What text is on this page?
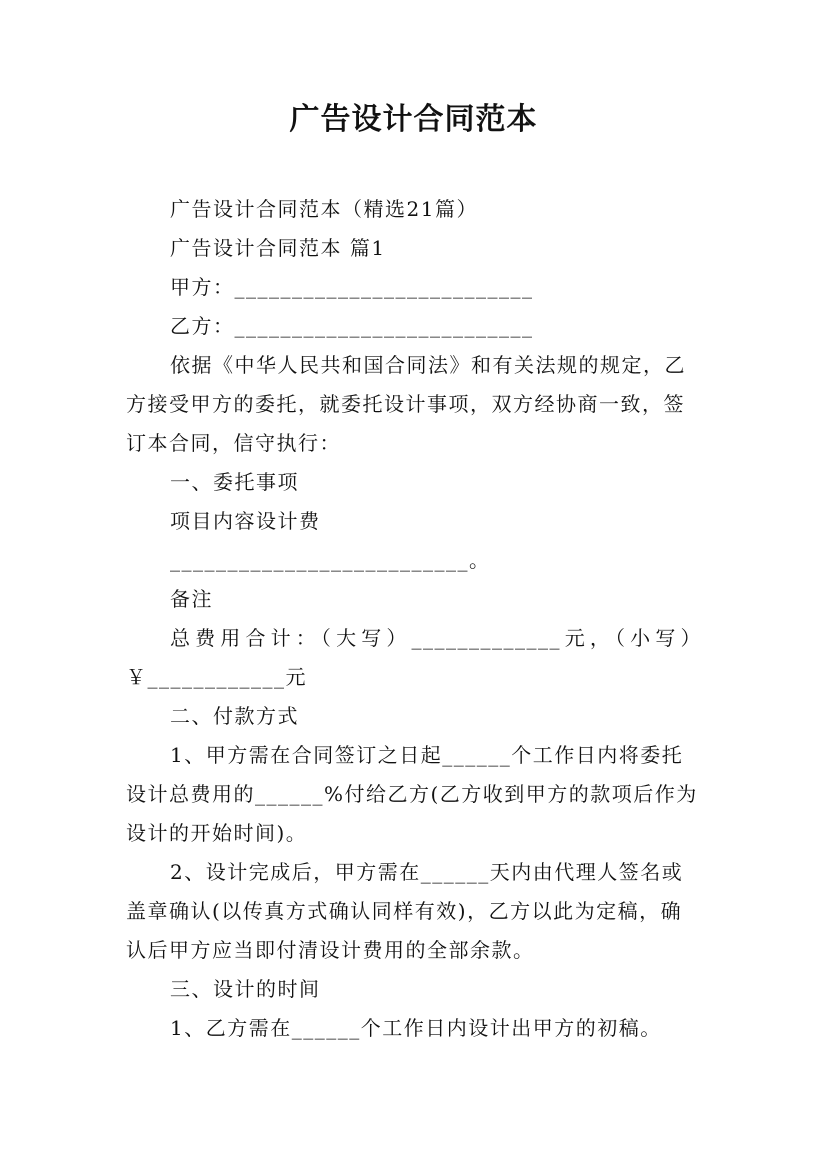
广告设计合同范本

广告设计合同范本（精选21篇）

广告设计合同范本 篇1

甲方：__________________________

乙方：__________________________

依据《中华人民共和国合同法》和有关法规的规定，乙方接受甲方的委托，就委托设计事项，双方经协商一致，签订本合同，信守执行：

一、委托事项

项目内容设计费

__________________________。

备注

总费用合计：（大写）_____________元，（小写）

￥____________元

二、付款方式

1、甲方需在合同签订之日起______个工作日内将委托设计总费用的______%付给乙方(乙方收到甲方的款项后作为设计的开始时间)。

2、设计完成后，甲方需在______天内由代理人签名或盖章确认(以传真方式确认同样有效)，乙方以此为定稿，确认后甲方应当即付清设计费用的全部余款。

三、设计的时间

1、乙方需在______个工作日内设计出甲方的初稿。
